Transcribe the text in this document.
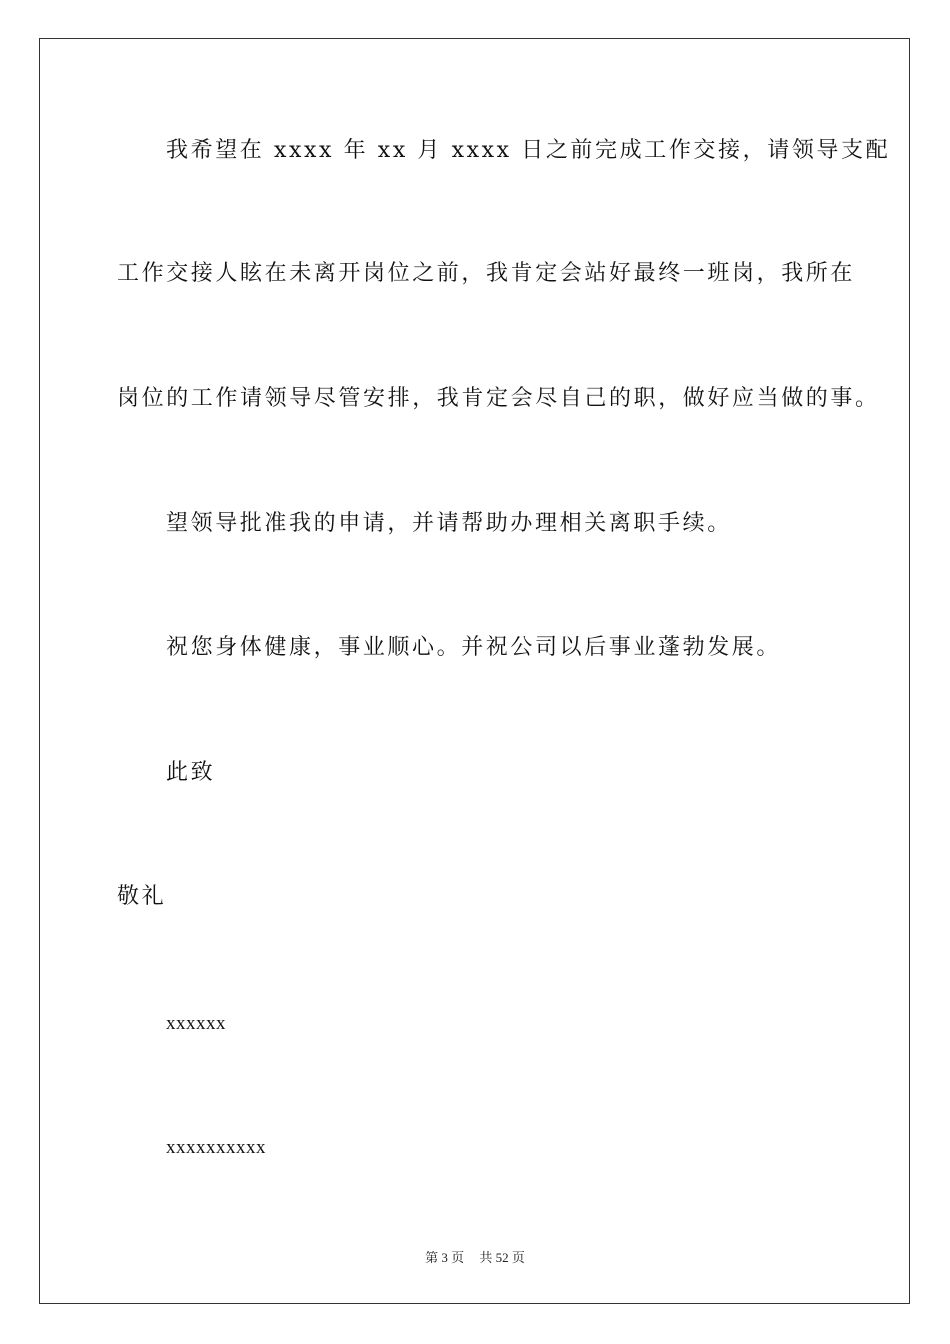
我希望在 xxxx 年 xx 月 xxxx 日之前完成工作交接，请领导支配
工作交接人眩在未离开岗位之前，我肯定会站好最终一班岗，我所在
岗位的工作请领导尽管安排，我肯定会尽自己的职，做好应当做的事。
望领导批准我的申请，并请帮助办理相关离职手续。
祝您身体健康，事业顺心。并祝公司以后事业蓬勃发展。
此致
敬礼
xxxxxx
xxxxxxxxxx
第 3 页 共 52 页
